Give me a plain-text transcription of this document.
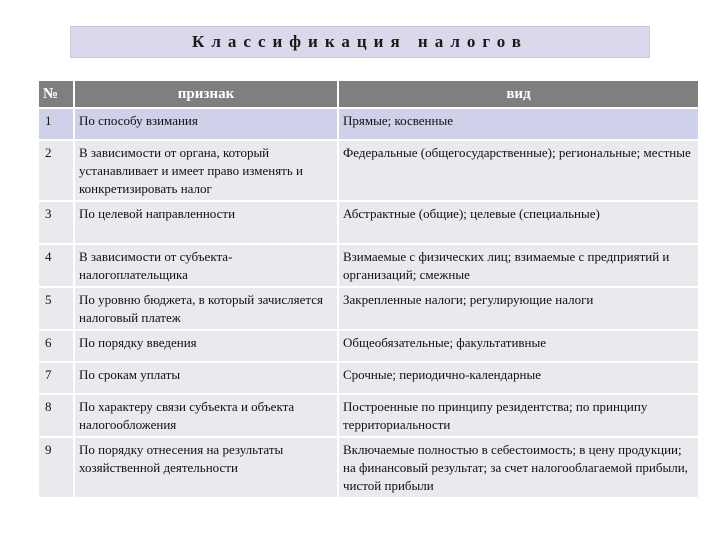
Классификация налогов
№	признак	вид
1	По способу взимания	Прямые; косвенные
2	В зависимости от органа, который устанавливает и имеет право изменять и конкретизировать налог	Федеральные (общегосударственные); региональные; местные
3	По целевой направленности	Абстрактные (общие); целевые (специальные)
4	В зависимости от субъекта-налогоплательщика	Взимаемые с физических лиц; взимаемые с предприятий и организаций; смежные
5	По уровню бюджета, в который зачисляется налоговый платеж	Закрепленные налоги; регулирующие налоги
6	По порядку введения	Общеобязательные; факультативные
7	По срокам уплаты	Срочные; периодично-календарные
8	По характеру связи субъекта и объекта налогообложения	Построенные по принципу резидентства; по принципу территориальности
9	По порядку отнесения на результаты хозяйственной деятельности	Включаемые полностью в себестоимость; в цену продукции; на финансовый результат; за счет налогооблагаемой прибыли, чистой прибыли
